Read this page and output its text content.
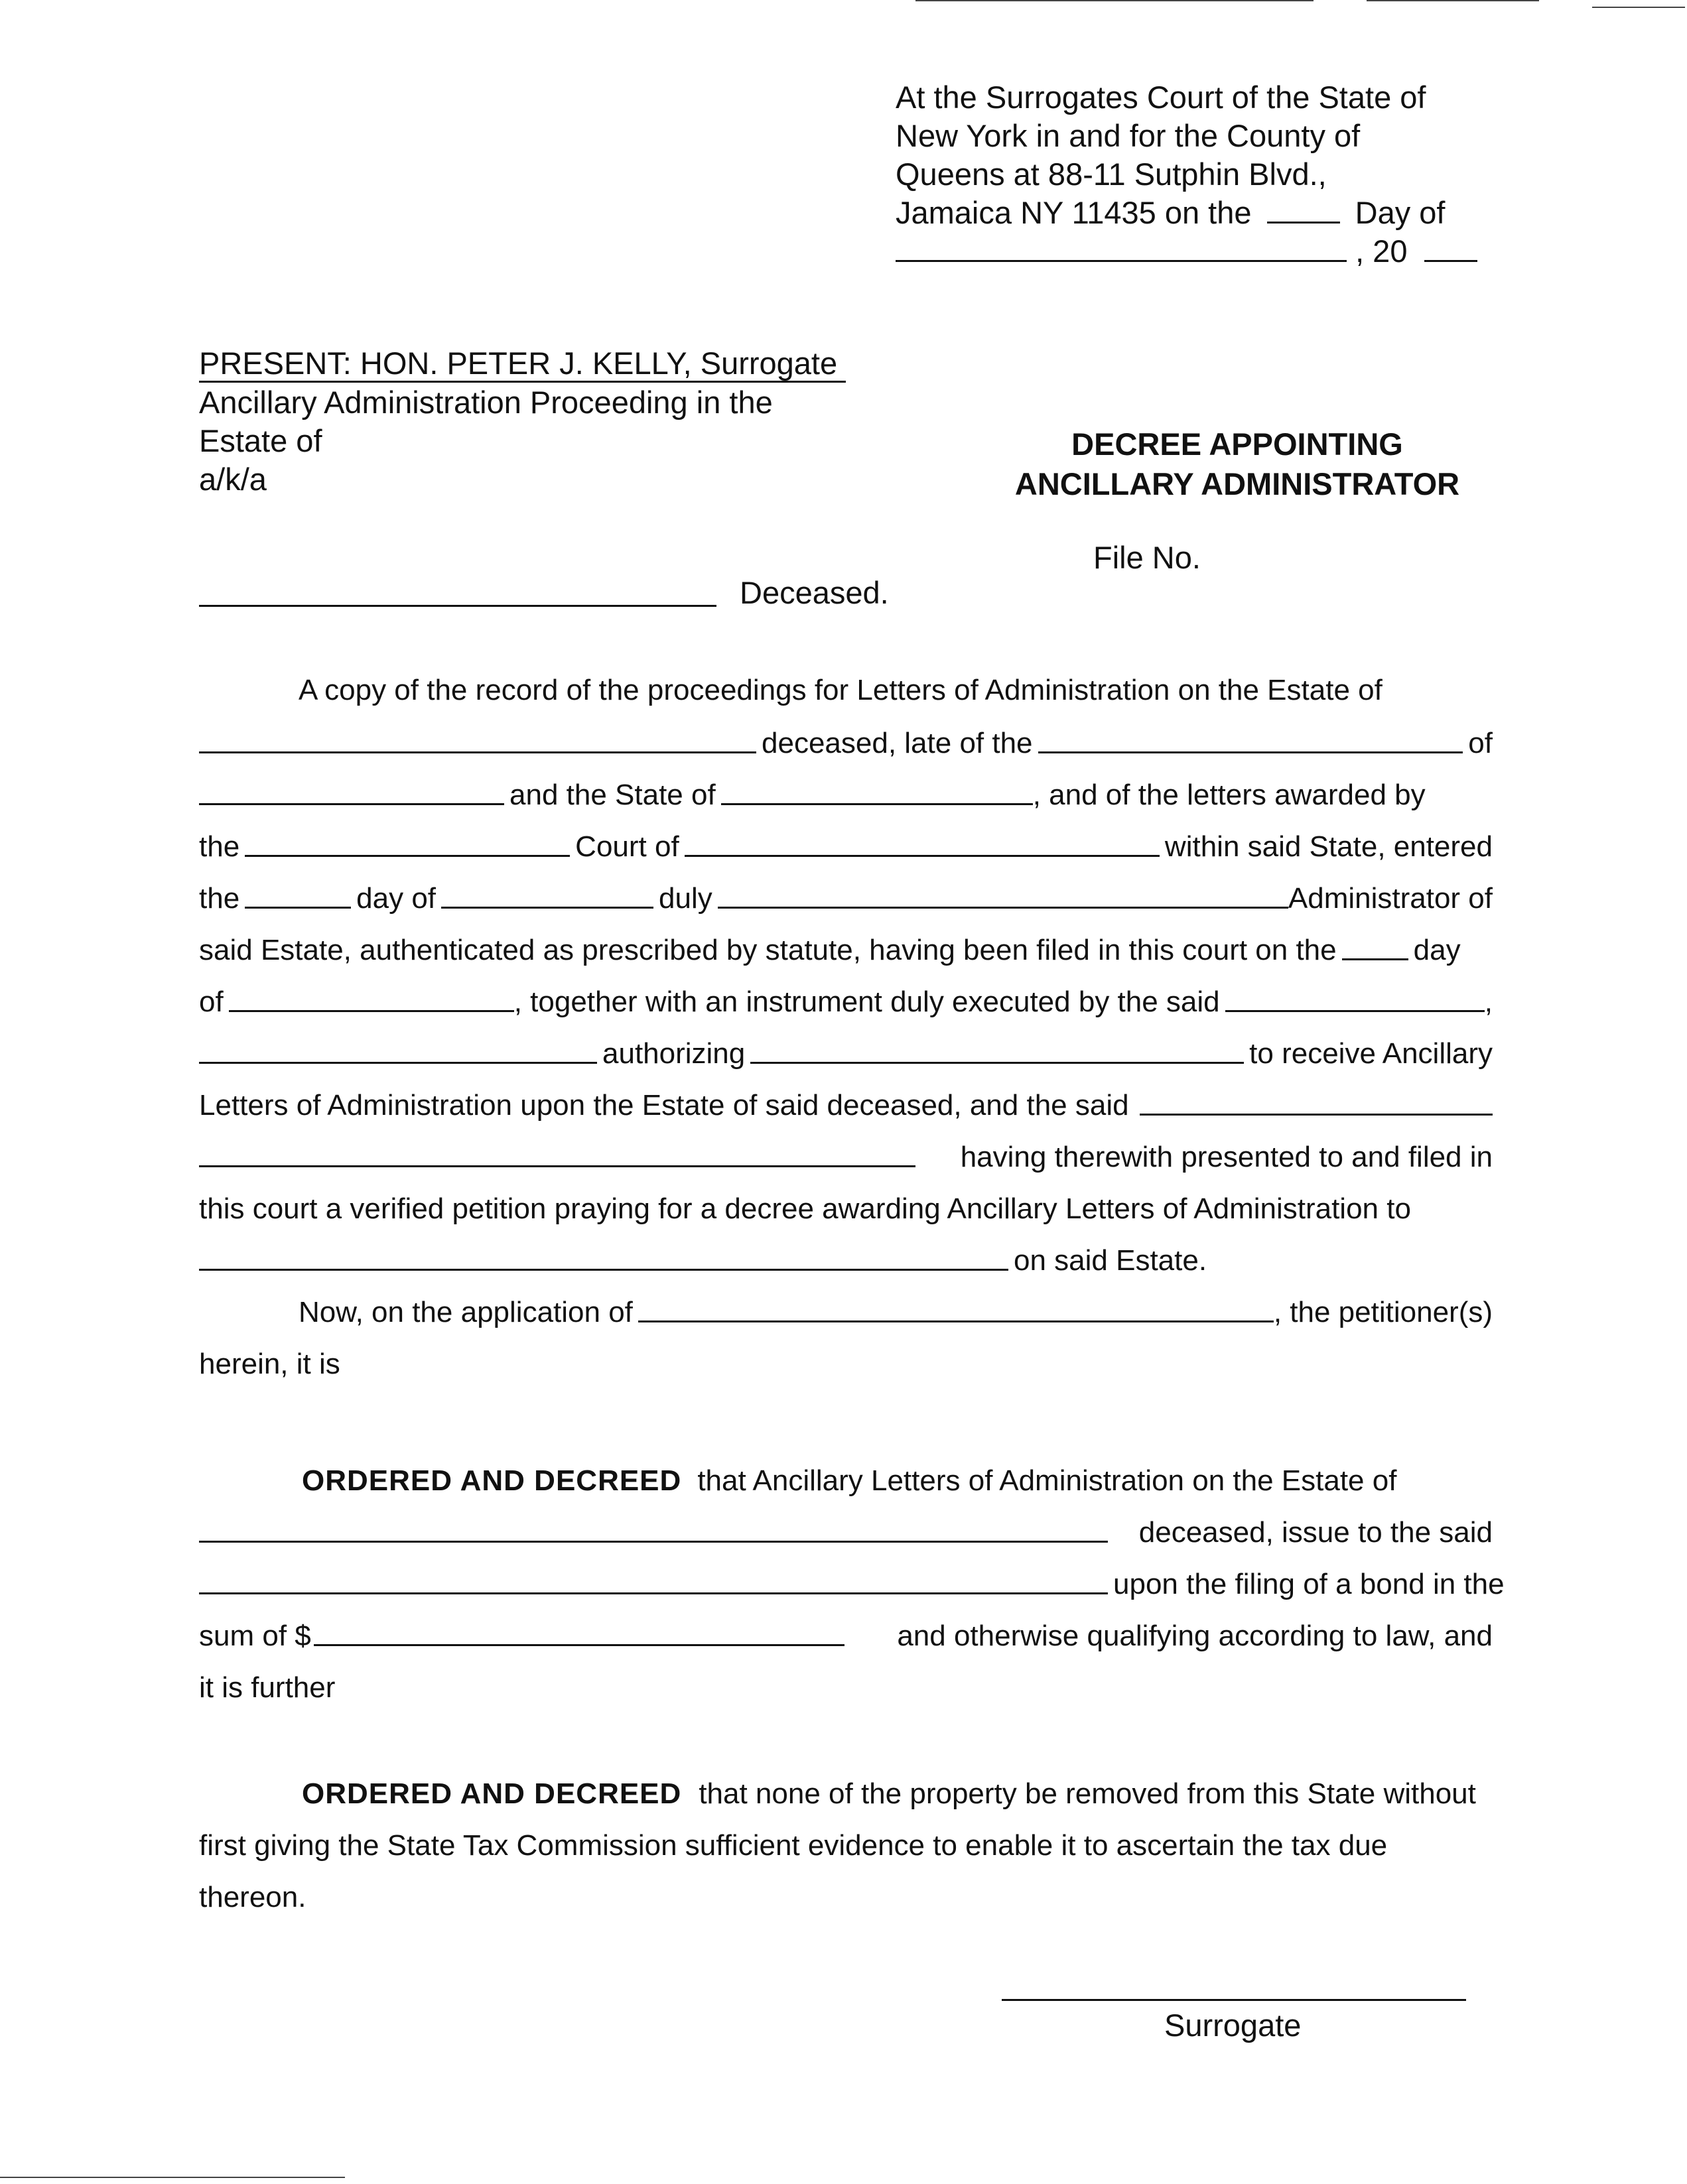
At the Surrogates Court of the State of
New York in and for the County of
Queens at 88-11 Sutphin Blvd.,
Jamaica NY 11435 on the	Day of
, 20
PRESENT: HON. PETER J. KELLY, Surrogate
Ancillary Administration Proceeding in the
Estate of
a/k/a
Deceased.
DECREE APPOINTING
ANCILLARY ADMINISTRATOR
File No.
A copy of the record of the proceedings for Letters of Administration on the Estate of
deceased, late of the	of
and the State of	, and of the letters awarded by
the	Court of	within said State, entered
the	day of	duly	Administrator of
said Estate, authenticated as prescribed by statute, having been filed in this court on the	day
of	, together with an instrument duly executed by the said	,
authorizing	to receive Ancillary
Letters of Administration upon the Estate of said deceased, and the said
having therewith presented to and filed in
this court a verified petition praying for a decree awarding Ancillary Letters of Administration to
on said Estate.
Now, on the application of	, the petitioner(s)
herein, it is
ORDERED AND DECREED that Ancillary Letters of Administration on the Estate of
deceased, issue to the said
upon the filing of a bond in the
sum of $	and otherwise qualifying according to law, and
it is further
ORDERED AND DECREED that none of the property be removed from this State without
first giving the State Tax Commission sufficient evidence to enable it to ascertain the tax due
thereon.
Surrogate
